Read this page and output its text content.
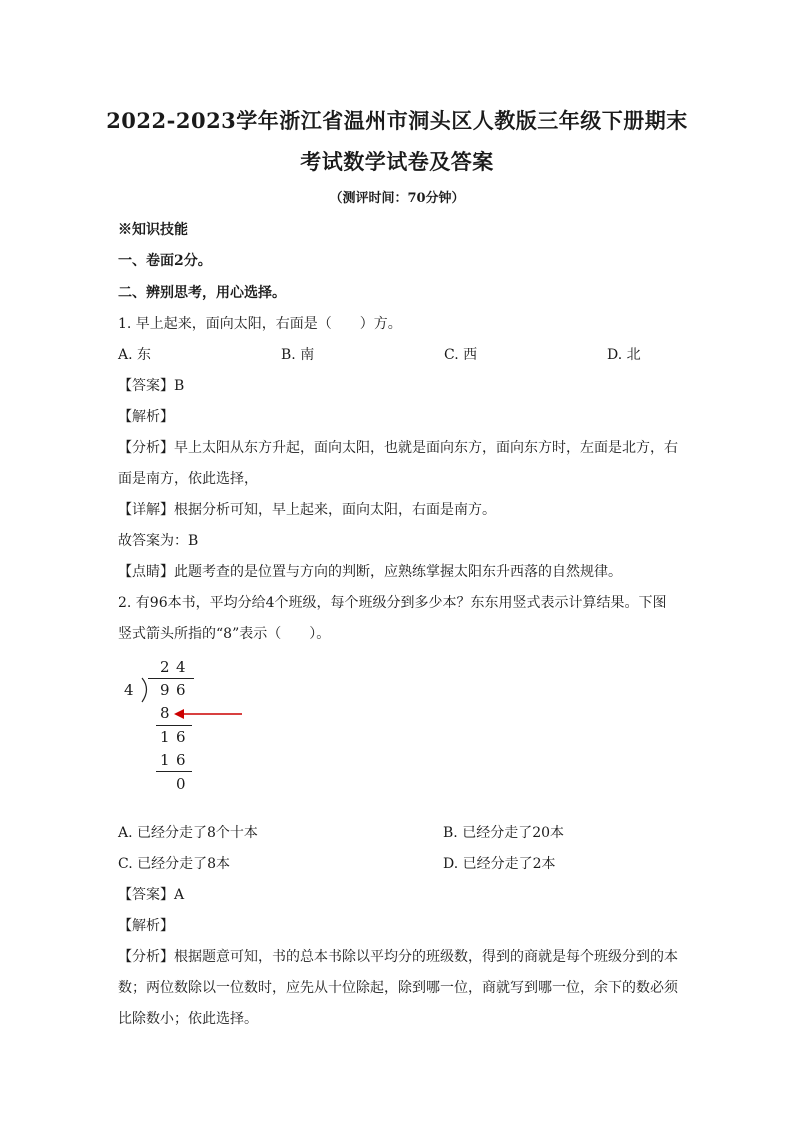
2022-2023学年浙江省温州市洞头区人教版三年级下册期末
考试数学试卷及答案
（测评时间：70分钟）
※知识技能
一、卷面2分。
二、辨别思考，用心选择。
1. 早上起来，面向太阳，右面是（　　）方。
A. 东	B. 南	C. 西	D. 北
【答案】B
【解析】
【分析】早上太阳从东方升起，面向太阳，也就是面向东方，面向东方时，左面是北方，右
面是南方，依此选择，
【详解】根据分析可知，早上起来，面向太阳，右面是南方。
故答案为：B
【点睛】此题考查的是位置与方向的判断，应熟练掌握太阳东升西落的自然规律。
2. 有96本书，平均分给4个班级，每个班级分到多少本？东东用竖式表示计算结果。下图
竖式箭头所指的“8”表示（　　）。
2 4
4 9 6
8
1 6
1 6
0
A. 已经分走了8个十本	B. 已经分走了20本
C. 已经分走了8本	D. 已经分走了2本
【答案】A
【解析】
【分析】根据题意可知，书的总本书除以平均分的班级数，得到的商就是每个班级分到的本
数；两位数除以一位数时，应先从十位除起，除到哪一位，商就写到哪一位，余下的数必须
比除数小；依此选择。
